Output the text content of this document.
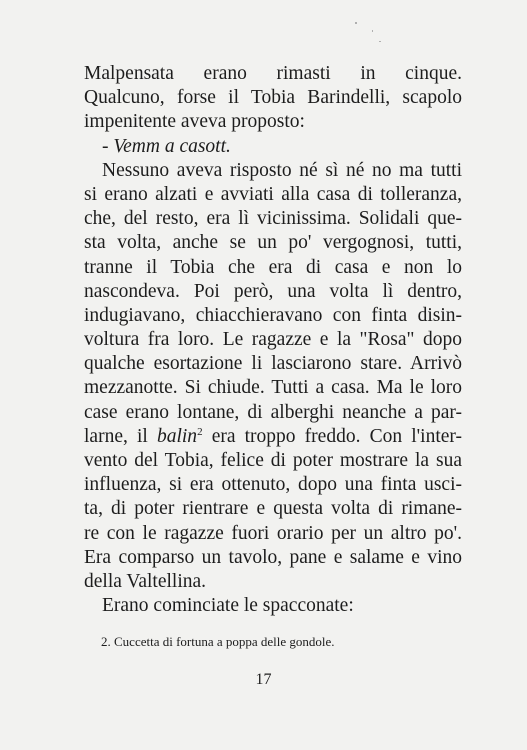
Malpensata erano rimasti in cinque.
Qualcuno, forse il Tobia Barindelli, scapolo
impenitente aveva proposto:
- Vemm a casott.
Nessuno aveva risposto né sì né no ma tutti
si erano alzati e avviati alla casa di tolleranza,
che, del resto, era lì vicinissima. Solidali que-
sta volta, anche se un po' vergognosi, tutti,
tranne il Tobia che era di casa e non lo
nascondeva. Poi però, una volta lì dentro,
indugiavano, chiacchieravano con finta disin-
voltura fra loro. Le ragazze e la "Rosa" dopo
qualche esortazione li lasciarono stare. Arrivò
mezzanotte. Si chiude. Tutti a casa. Ma le loro
case erano lontane, di alberghi neanche a par-
larne, il balin$^2$ era troppo freddo. Con l'inter-
vento del Tobia, felice di poter mostrare la sua
influenza, si era ottenuto, dopo una finta usci-
ta, di poter rientrare e questa volta di rimane-
re con le ragazze fuori orario per un altro po'.
Era comparso un tavolo, pane e salame e vino
della Valtellina.
Erano cominciate le spacconate:
2. Cuccetta di fortuna a poppa delle gondole.
17
